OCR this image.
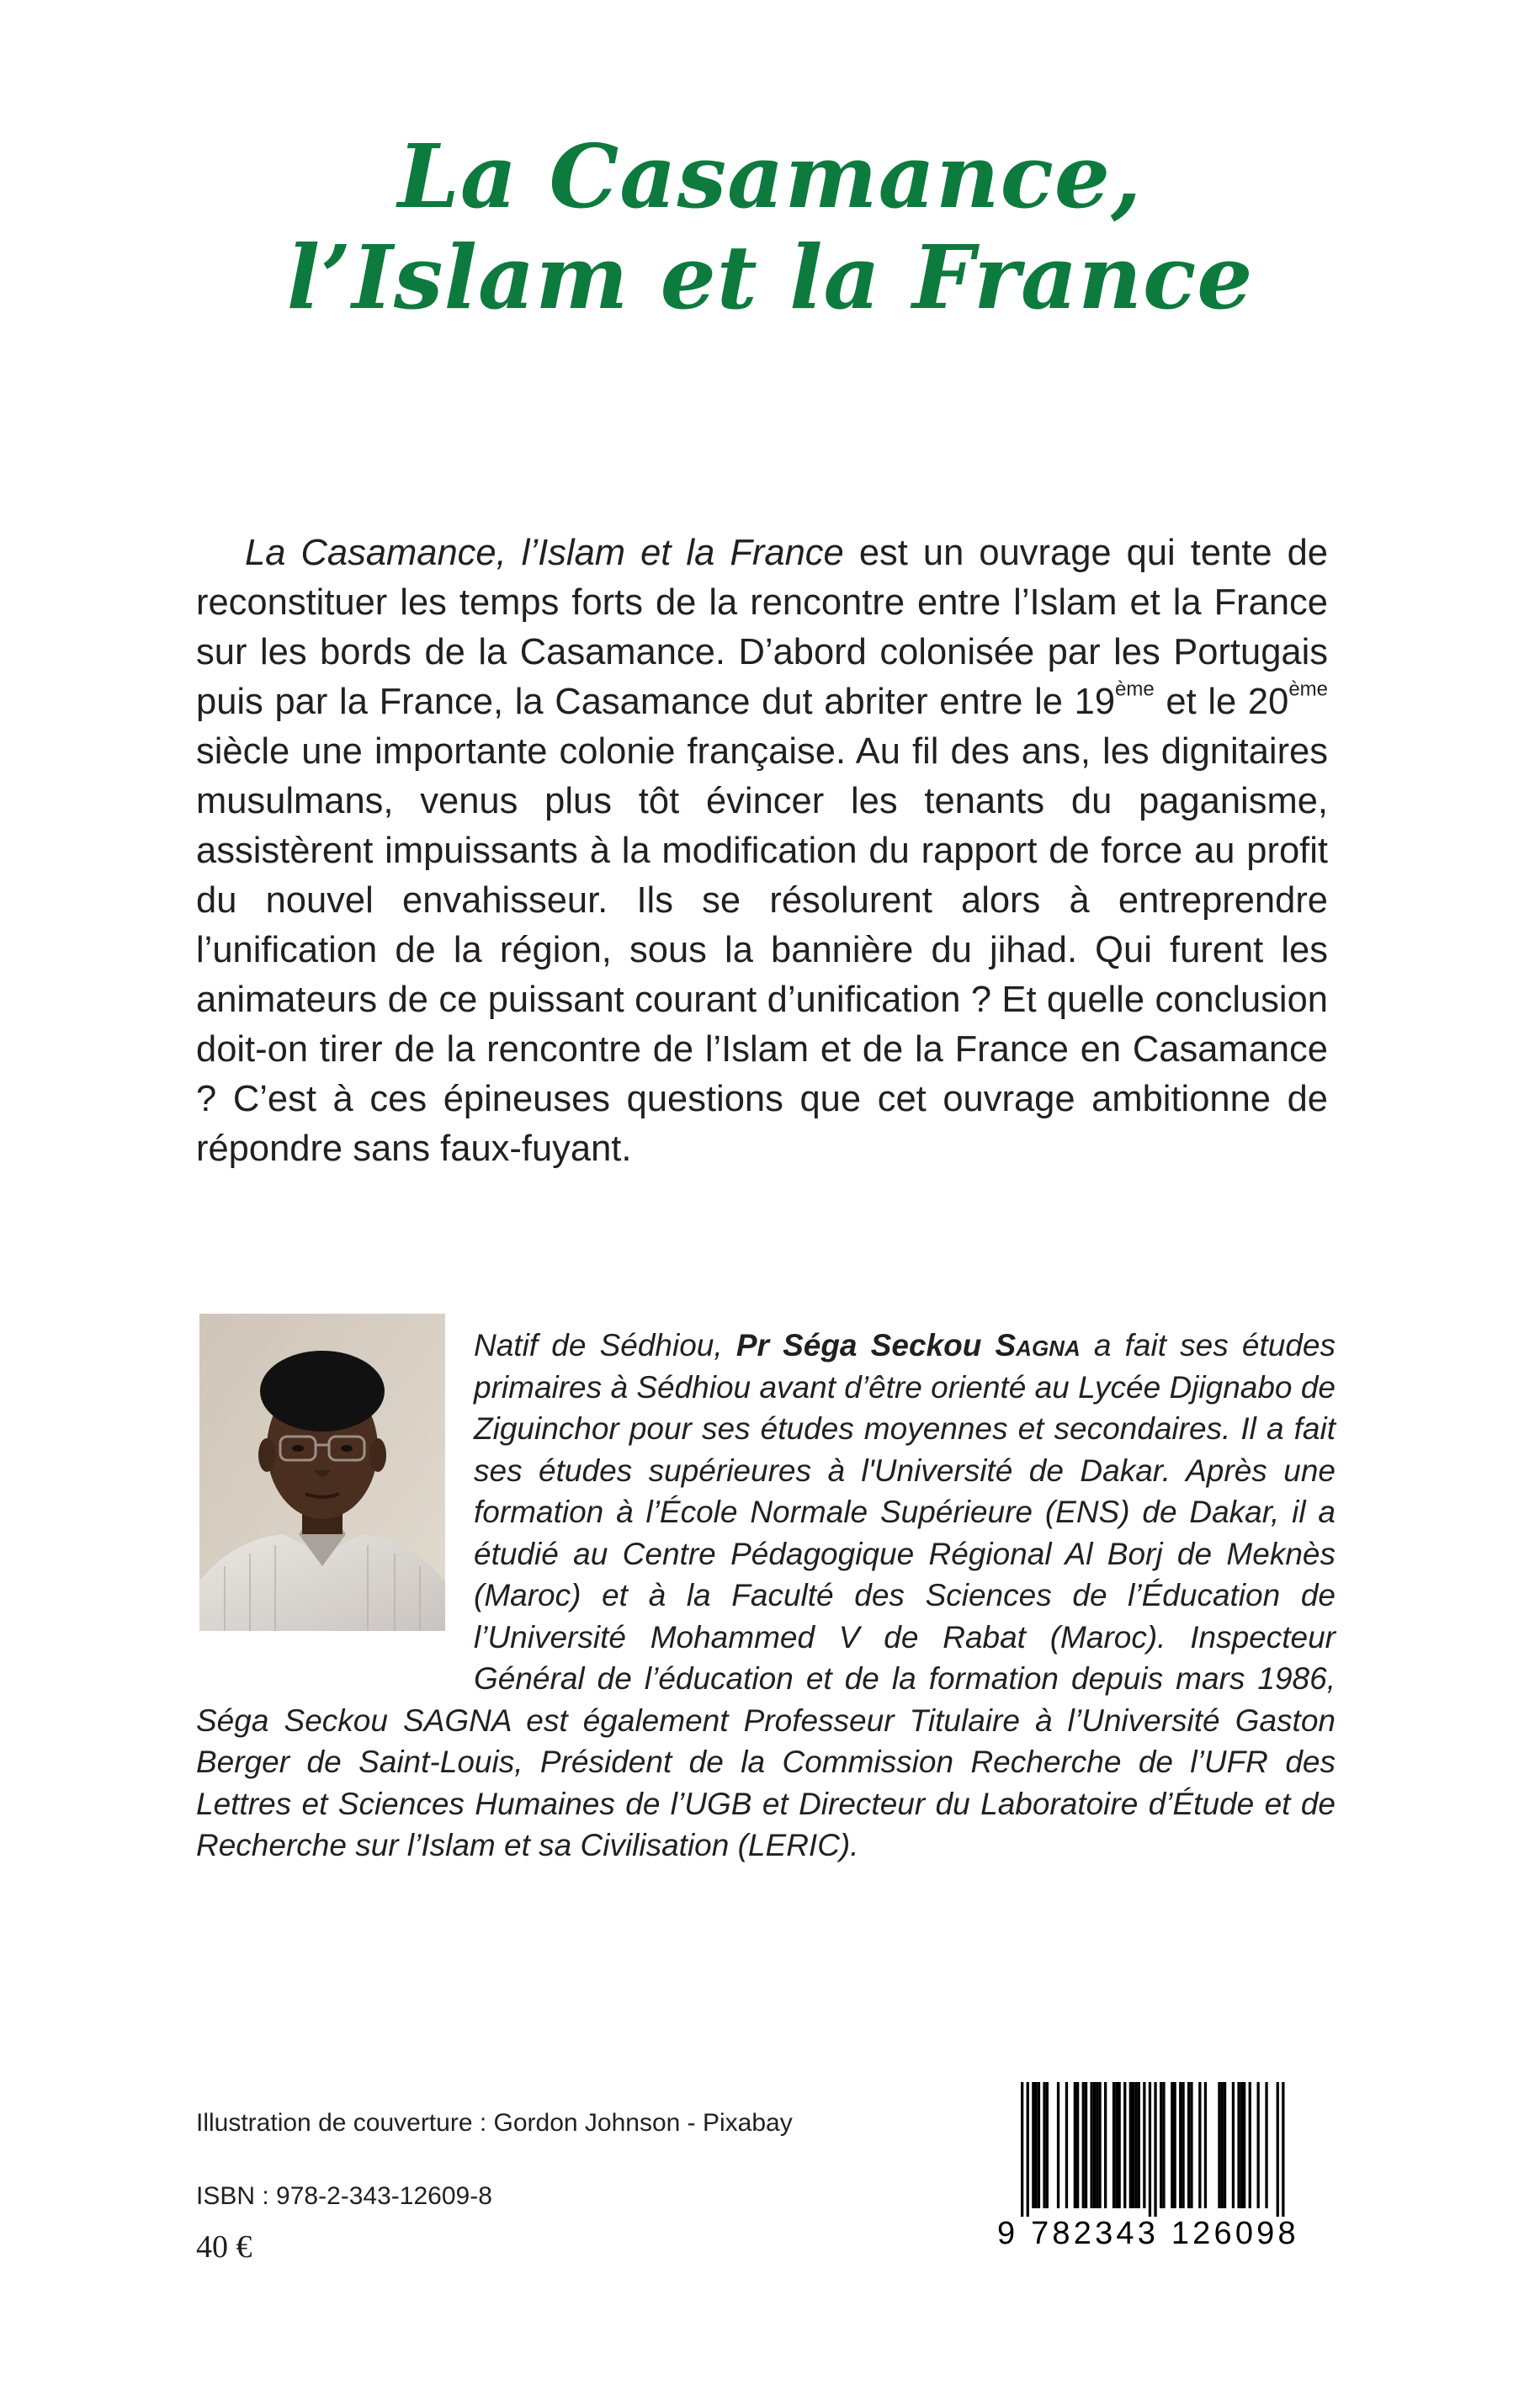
La Casamance,
l’Islam et la France

La Casamance, l’Islam et la France est un ouvrage qui tente de reconstituer les temps forts de la rencontre entre l’Islam et la France sur les bords de la Casamance. D’abord colonisée par les Portugais puis par la France, la Casamance dut abriter entre le 19ème et le 20ème siècle une importante colonie française. Au fil des ans, les dignitaires musulmans, venus plus tôt évincer les tenants du paganisme, assistèrent impuissants à la modification du rapport de force au profit du nouvel envahisseur. Ils se résolurent alors à entreprendre l’unification de la région, sous la bannière du jihad. Qui furent les animateurs de ce puissant courant d’unification ? Et quelle conclusion doit-on tirer de la rencontre de l’Islam et de la France en Casamance ? C’est à ces épineuses questions que cet ouvrage ambitionne de répondre sans faux-fuyant.

Natif de Sédhiou, Pr Séga Seckou Sagna a fait ses études primaires à Sédhiou avant d’être orienté au Lycée Djignabo de Ziguinchor pour ses études moyennes et secondaires. Il a fait ses études supérieures à l'Université de Dakar. Après une formation à l’École Normale Supérieure (ENS) de Dakar, il a étudié au Centre Pédagogique Régional Al Borj de Meknès (Maroc) et à la Faculté des Sciences de l’Éducation de l’Université Mohammed V de Rabat (Maroc). Inspecteur Général de l’éducation et de la formation depuis mars 1986, Séga Seckou SAGNA est également Professeur Titulaire à l’Université Gaston Berger de Saint-Louis, Président de la Commission Recherche de l’UFR des Lettres et Sciences Humaines de l’UGB et Directeur du Laboratoire d’Étude et de Recherche sur l’Islam et sa Civilisation (LERIC).

Illustration de couverture : Gordon Johnson - Pixabay
ISBN : 978-2-343-12609-8
40 €	9 782343 126098
